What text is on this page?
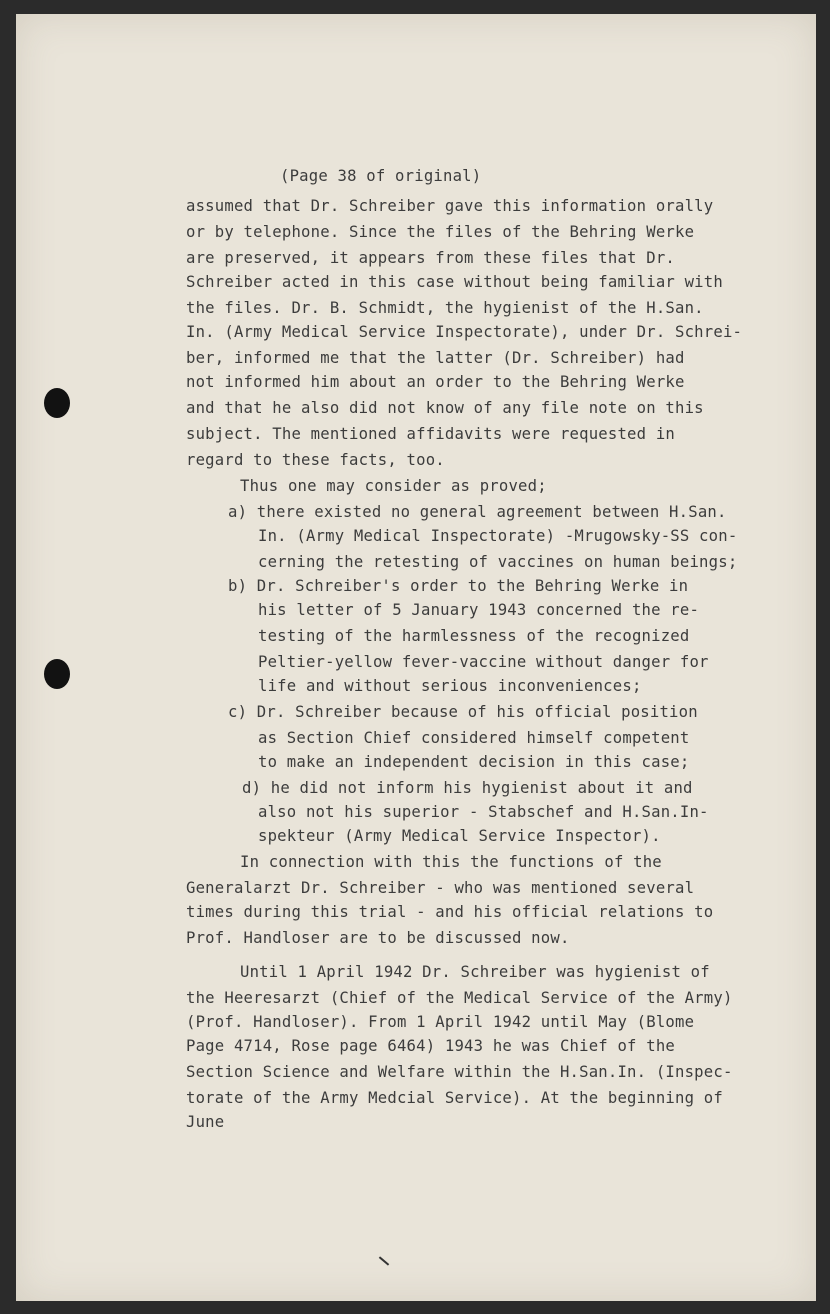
(Page 38 of original)
assumed that Dr. Schreiber gave this information orally
or by telephone. Since the files of the Behring Werke
are preserved, it appears from these files that Dr.
Schreiber acted in this case without being familiar with
the files. Dr. B. Schmidt, the hygienist of the H.San.
In. (Army Medical Service Inspectorate), under Dr. Schrei-
ber, informed me that the latter (Dr. Schreiber) had
not informed him about an order to the Behring Werke
and that he also did not know of any file note on this
subject. The mentioned affidavits were requested in
regard to these facts, too.
Thus one may consider as proved;
a) there existed no general agreement between H.San.
In. (Army Medical Inspectorate) -Mrugowsky-SS con-
cerning the retesting of vaccines on human beings;
b) Dr. Schreiber's order to the Behring Werke in
his letter of 5 January 1943 concerned the re-
testing of the harmlessness of the recognized
Peltier-yellow fever-vaccine without danger for
life and without serious inconveniences;
c) Dr. Schreiber because of his official position
as Section Chief considered himself competent
to make an independent decision in this case;
d) he did not inform his hygienist about it and
also not his superior - Stabschef and H.San.In-
spekteur (Army Medical Service Inspector).
In connection with this the functions of the
Generalarzt Dr. Schreiber - who was mentioned several
times during this trial - and his official relations to
Prof. Handloser are to be discussed now.
Until 1 April 1942 Dr. Schreiber was hygienist of
the Heeresarzt (Chief of the Medical Service of the Army)
(Prof. Handloser). From 1 April 1942 until May (Blome
Page 4714, Rose page 6464) 1943 he was Chief of the
Section Science and Welfare within the H.San.In. (Inspec-
torate of the Army Medcial Service). At the beginning of
June
